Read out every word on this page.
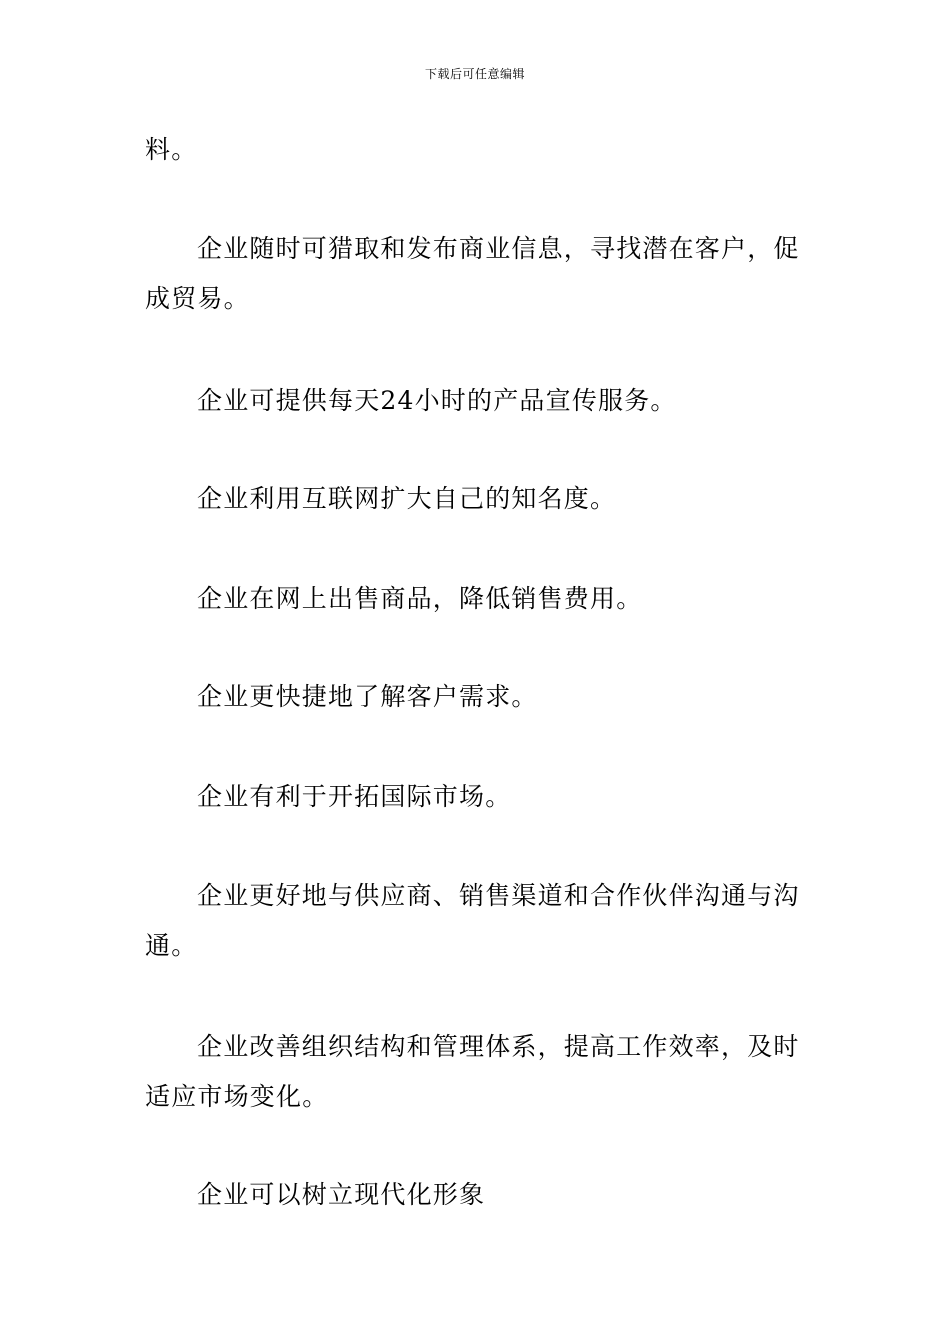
下载后可任意编辑

料。

企业随时可猎取和发布商业信息，寻找潜在客户，促成贸易。

企业可提供每天24小时的产品宣传服务。

企业利用互联网扩大自己的知名度。

企业在网上出售商品，降低销售费用。

企业更快捷地了解客户需求。

企业有利于开拓国际市场。

企业更好地与供应商、销售渠道和合作伙伴沟通与沟通。

企业改善组织结构和管理体系，提高工作效率，及时适应市场变化。

企业可以树立现代化形象
